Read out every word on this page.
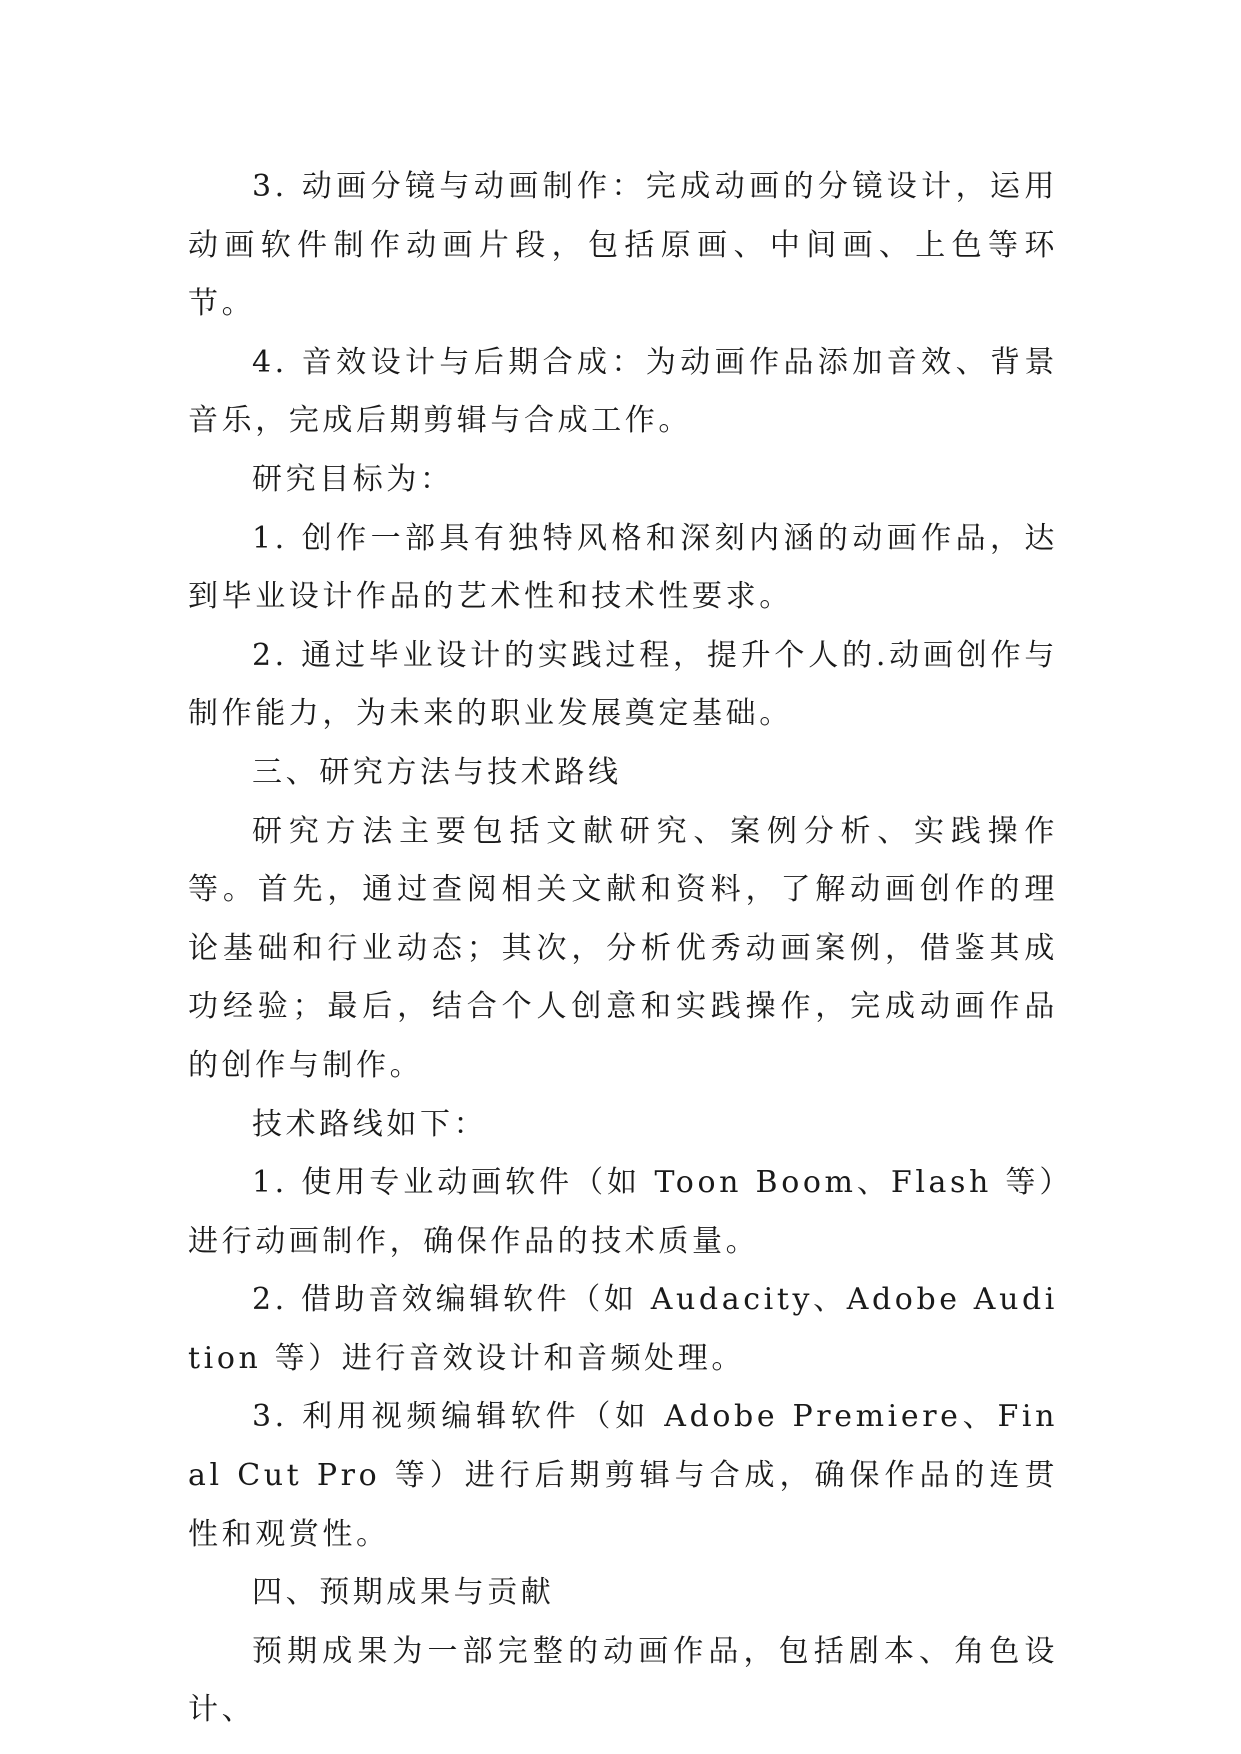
3. 动画分镜与动画制作：完成动画的分镜设计，运用动画软件制作动画片段，包括原画、中间画、上色等环节。

4. 音效设计与后期合成：为动画作品添加音效、背景音乐，完成后期剪辑与合成工作。

研究目标为：

1. 创作一部具有独特风格和深刻内涵的动画作品，达到毕业设计作品的艺术性和技术性要求。

2. 通过毕业设计的实践过程，提升个人的.动画创作与制作能力，为未来的职业发展奠定基础。

三、研究方法与技术路线

研究方法主要包括文献研究、案例分析、实践操作等。首先，通过查阅相关文献和资料，了解动画创作的理论基础和行业动态；其次，分析优秀动画案例，借鉴其成功经验；最后，结合个人创意和实践操作，完成动画作品的创作与制作。

技术路线如下：

1. 使用专业动画软件（如 Toon Boom、Flash 等）进行动画制作，确保作品的技术质量。

2. 借助音效编辑软件（如 Audacity、Adobe Audition 等）进行音效设计和音频处理。

3. 利用视频编辑软件（如 Adobe Premiere、Final Cut Pro 等）进行后期剪辑与合成，确保作品的连贯性和观赏性。

四、预期成果与贡献

预期成果为一部完整的动画作品，包括剧本、角色设计、
